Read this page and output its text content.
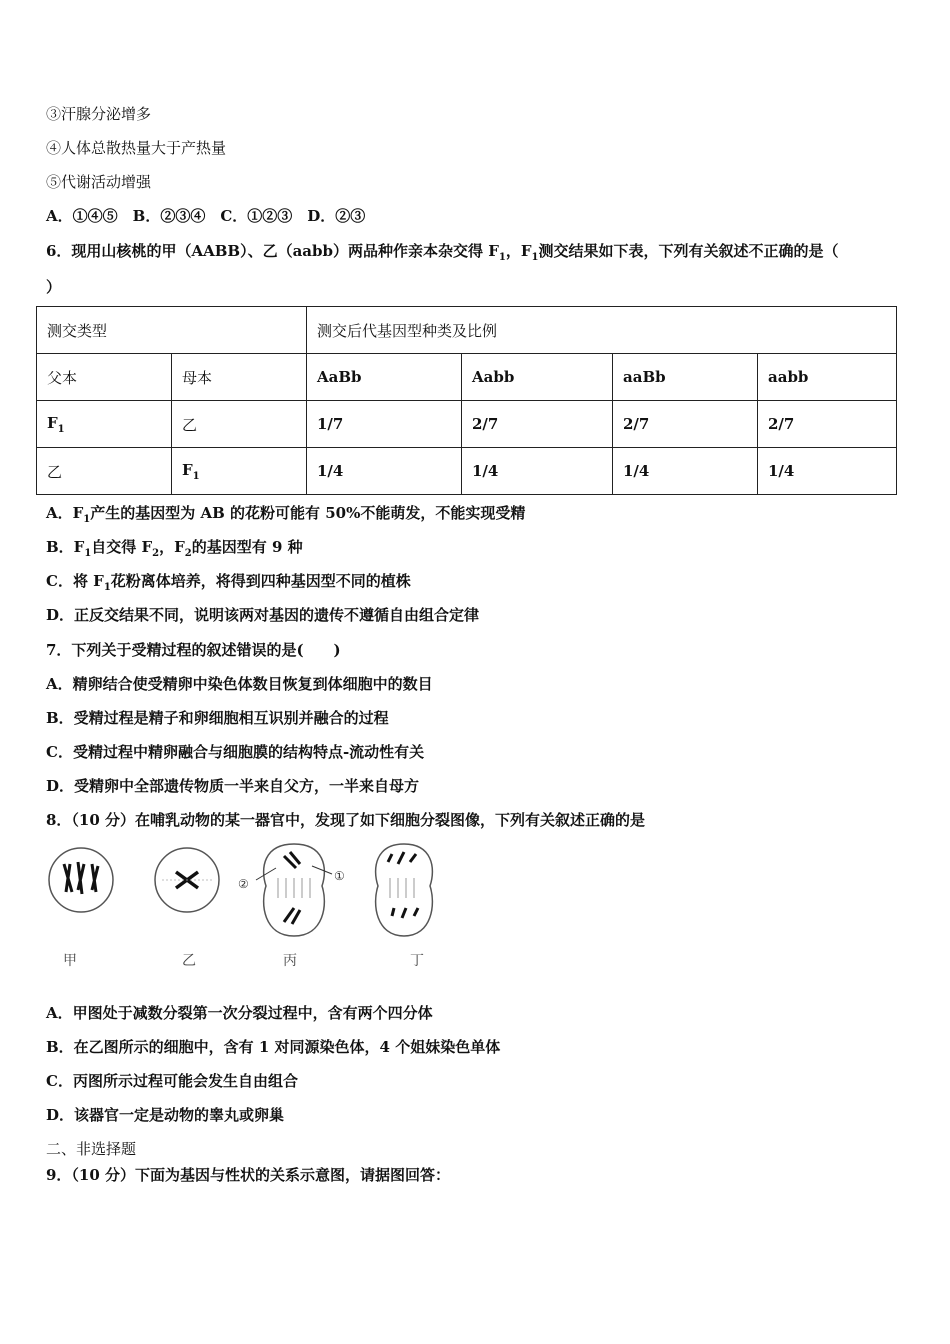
③汗腺分泌增多
④人体总散热量大于产热量
⑤代谢活动增强
A．①④⑤　B．②③④　C．①②③　D．②③
6．现用山核桃的甲（AABB）、乙（aabb）两品种作亲本杂交得 $F_1$，$F_1$测交结果如下表，下列有关叙述不正确的是（
）
测交类型		测交后代基因型种类及比例			
父本	母本	AaBb	Aabb	aaBb	aabb
$F_1$	乙	1/7	2/7	2/7	2/7
乙	$F_1$	1/4	1/4	1/4	1/4
A．$F_1$产生的基因型为 AB 的花粉可能有 50%不能萌发，不能实现受精
B．$F_1$自交得 $F_2$，$F_2$的基因型有 9 种
C．将 $F_1$花粉离体培养，将得到四种基因型不同的植株
D．正反交结果不同，说明该两对基因的遗传不遵循自由组合定律
7．下列关于受精过程的叙述错误的是(　　)
A．精卵结合使受精卵中染色体数目恢复到体细胞中的数目
B．受精过程是精子和卵细胞相互识别并融合的过程
C．受精过程中精卵融合与细胞膜的结构特点-流动性有关
D．受精卵中全部遗传物质一半来自父方，一半来自母方
8．（10 分）在哺乳动物的某一器官中，发现了如下细胞分裂图像，下列有关叙述正确的是
②
①
甲	乙	丙	丁
A．甲图处于减数分裂第一次分裂过程中，含有两个四分体
B．在乙图所示的细胞中，含有 1 对同源染色体，4 个姐妹染色单体
C．丙图所示过程可能会发生自由组合
D．该器官一定是动物的睾丸或卵巢
二、非选择题
9．（10 分）下面为基因与性状的关系示意图，请据图回答：
